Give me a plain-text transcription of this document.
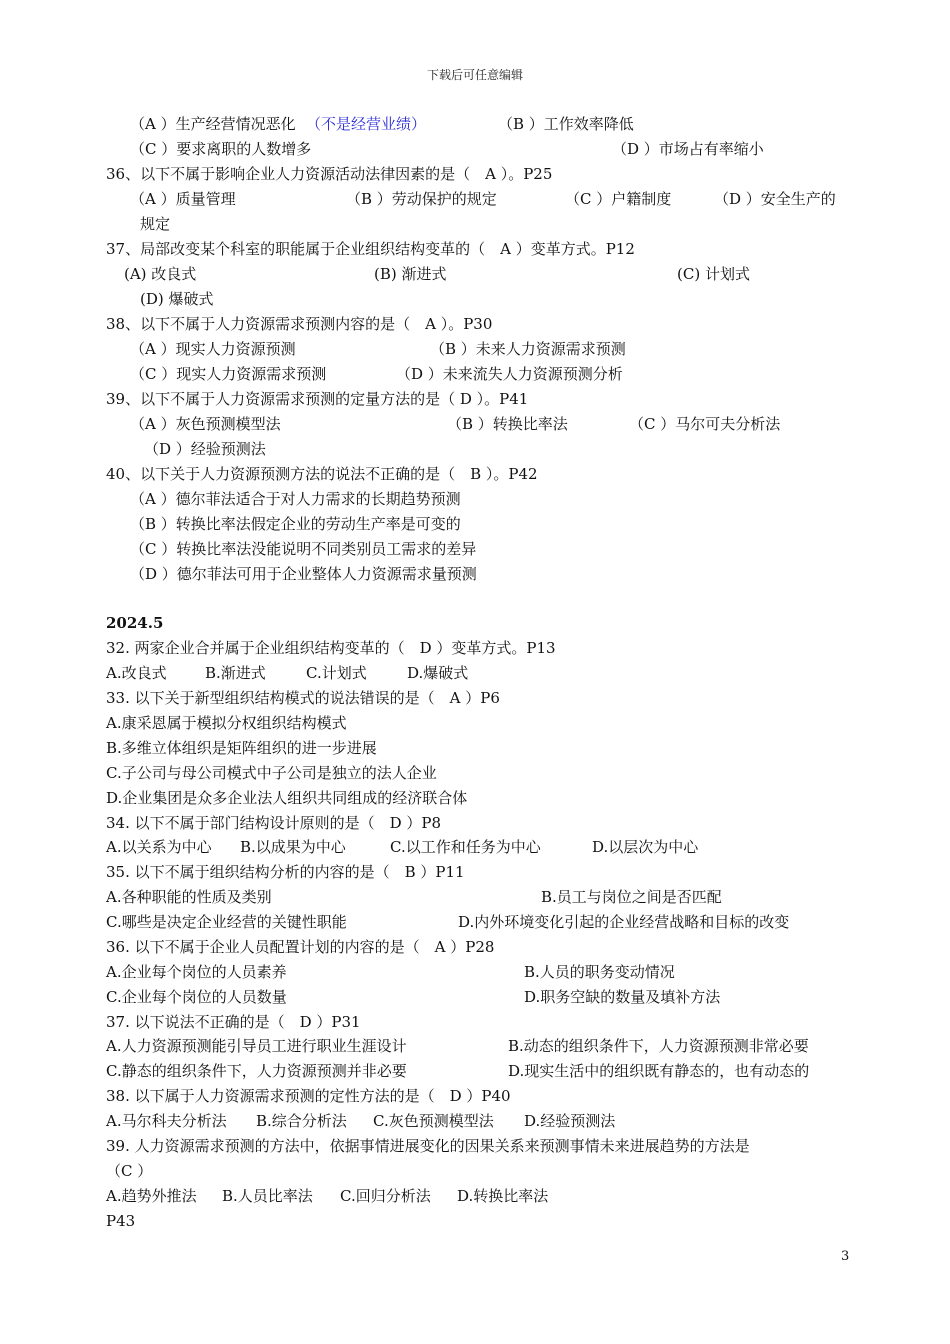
下载后可任意编辑
（A ）生产经营情况恶化 （不是经营业绩）	（B ）工作效率降低
（C ）要求离职的人数增多	（D ）市场占有率缩小
36、以下不属于影响企业人力资源活动法律因素的是（　A ）。P25
（A ）质量管理	（B ）劳动保护的规定	（C ）户籍制度	（D ）安全生产的
规定
37、局部改变某个科室的职能属于企业组织结构变革的（　A ）变革方式。P12
(A) 改良式	(B) 渐进式	(C) 计划式
(D) 爆破式
38、以下不属于人力资源需求预测内容的是（　A ）。P30
（A ）现实人力资源预测	（B ）未来人力资源需求预测
（C ）现实人力资源需求预测	（D ）未来流失人力资源预测分析
39、以下不属于人力资源需求预测的定量方法的是（ D ）。P41
（A ）灰色预测模型法	（B ）转换比率法	（C ）马尔可夫分析法
（D ）经验预测法
40、以下关于人力资源预测方法的说法不正确的是（　B ）。P42
（A ）德尔菲法适合于对人力需求的长期趋势预测
（B ）转换比率法假定企业的劳动生产率是可变的
（C ）转换比率法没能说明不同类别员工需求的差异
（D ）德尔菲法可用于企业整体人力资源需求量预测
2024.5
32. 两家企业合并属于企业组织结构变革的（　D ）变革方式。P13
A.改良式	B.渐进式	C.计划式	D.爆破式
33. 以下关于新型组织结构模式的说法错误的是（　A ）P6
A.康采恩属于模拟分权组织结构模式
B.多维立体组织是矩阵组织的进一步进展
C.子公司与母公司模式中子公司是独立的法人企业
D.企业集团是众多企业法人组织共同组成的经济联合体
34. 以下不属于部门结构设计原则的是（　D ）P8
A.以关系为中心 B.以成果为中心	C.以工作和任务为中心	D.以层次为中心
35. 以下不属于组织结构分析的内容的是（　B ）P11
A.各种职能的性质及类别	B.员工与岗位之间是否匹配
C.哪些是决定企业经营的关键性职能	D.内外环境变化引起的企业经营战略和目标的改变
36. 以下不属于企业人员配置计划的内容的是（　A ）P28
A.企业每个岗位的人员素养	B.人员的职务变动情况
C.企业每个岗位的人员数量	D.职务空缺的数量及填补方法
37. 以下说法不正确的是（　D ）P31
A.人力资源预测能引导员工进行职业生涯设计	B.动态的组织条件下，人力资源预测非常必要
C.静态的组织条件下，人力资源预测并非必要	D.现实生活中的组织既有静态的，也有动态的
38. 以下属于人力资源需求预测的定性方法的是（　D ）P40
A.马尔科夫分析法 B.综合分析法 C.灰色预测模型法 D.经验预测法
39. 人力资源需求预测的方法中，依据事情进展变化的因果关系来预测事情未来进展趋势的方法是
（C ）
A.趋势外推法 B.人员比率法 C.回归分析法 D.转换比率法
P43
3
